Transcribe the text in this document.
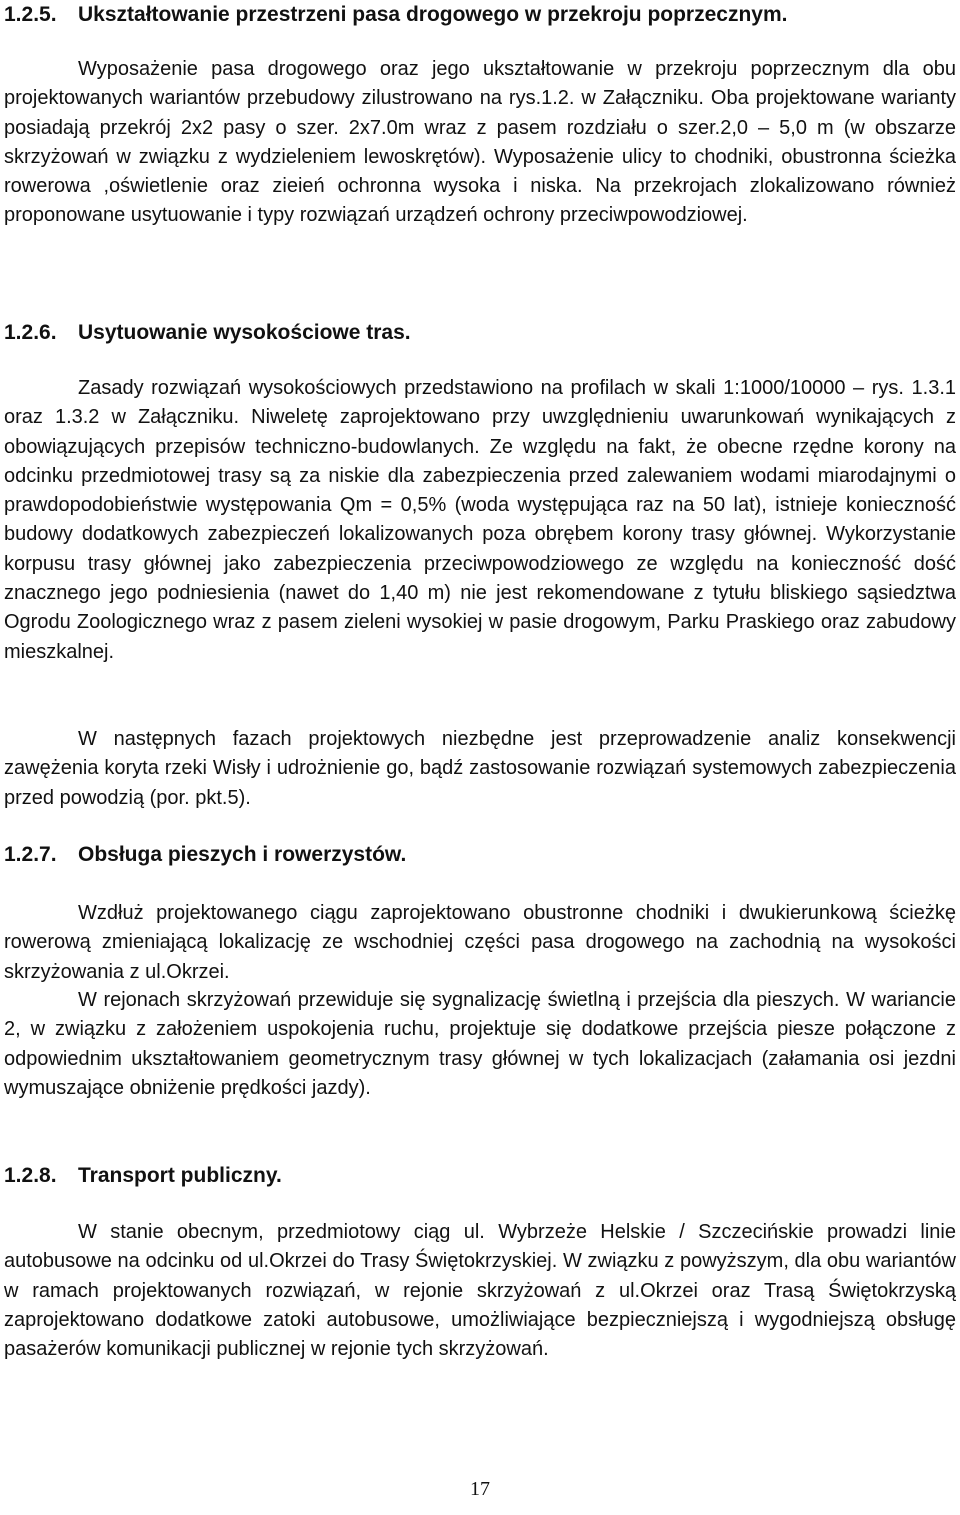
1.2.5. Ukształtowanie przestrzeni pasa drogowego w przekroju poprzecznym.

Wyposażenie pasa drogowego oraz jego ukształtowanie w przekroju poprzecznym dla obu projektowanych wariantów przebudowy zilustrowano na rys.1.2. w Załączniku. Oba projektowane warianty posiadają przekrój 2x2 pasy o szer. 2x7.0m wraz z pasem rozdziału o szer.2,0 – 5,0 m (w obszarze skrzyżowań w związku z wydzieleniem lewoskrętów). Wyposażenie ulicy to chodniki, obustronna ścieżka rowerowa ,oświetlenie oraz zieień ochronna wysoka i niska. Na przekrojach zlokalizowano również proponowane usytuowanie i typy rozwiązań urządzeń ochrony przeciwpowodziowej.

1.2.6. Usytuowanie wysokościowe tras.

Zasady rozwiązań wysokościowych przedstawiono na profilach w skali 1:1000/10000 – rys. 1.3.1 oraz 1.3.2 w Załączniku. Niweletę zaprojektowano przy uwzględnieniu uwarunkowań wynikających z obowiązujących przepisów techniczno-budowlanych. Ze względu na fakt, że obecne rzędne korony na odcinku przedmiotowej trasy są za niskie dla zabezpieczenia przed zalewaniem wodami miarodajnymi o prawdopodobieństwie występowania Qm = 0,5% (woda występująca raz na 50 lat), istnieje konieczność budowy dodatkowych zabezpieczeń lokalizowanych poza obrębem korony trasy głównej. Wykorzystanie korpusu trasy głównej jako zabezpieczenia przeciwpowodziowego ze względu na konieczność dość znacznego jego podniesienia (nawet do 1,40 m) nie jest rekomendowane z tytułu bliskiego sąsiedztwa Ogrodu Zoologicznego wraz z pasem zieleni wysokiej w pasie drogowym, Parku Praskiego oraz zabudowy mieszkalnej.

W następnych fazach projektowych niezbędne jest przeprowadzenie analiz konsekwencji zawężenia koryta rzeki Wisły i udrożnienie go, bądź zastosowanie rozwiązań systemowych zabezpieczenia przed powodzią (por. pkt.5).

1.2.7. Obsługa pieszych i rowerzystów.

Wzdłuż projektowanego ciągu zaprojektowano obustronne chodniki i dwukierunkową ścieżkę rowerową zmieniającą lokalizację ze wschodniej części pasa drogowego na zachodnią na wysokości skrzyżowania z ul.Okrzei.

W rejonach skrzyżowań przewiduje się sygnalizację świetlną i przejścia dla pieszych. W wariancie 2, w związku z założeniem uspokojenia ruchu, projektuje się dodatkowe przejścia piesze połączone z odpowiednim ukształtowaniem geometrycznym trasy głównej w tych lokalizacjach (załamania osi jezdni wymuszające obniżenie prędkości jazdy).

1.2.8. Transport publiczny.

W stanie obecnym, przedmiotowy ciąg ul. Wybrzeże Helskie / Szczecińskie prowadzi linie autobusowe na odcinku od ul.Okrzei do Trasy Świętokrzyskiej. W związku z powyższym, dla obu wariantów w ramach projektowanych rozwiązań, w rejonie skrzyżowań z ul.Okrzei oraz Trasą Świętokrzyską zaprojektowano dodatkowe zatoki autobusowe, umożliwiające bezpieczniejszą i wygodniejszą obsługę pasażerów komunikacji publicznej w rejonie tych skrzyżowań.

17
